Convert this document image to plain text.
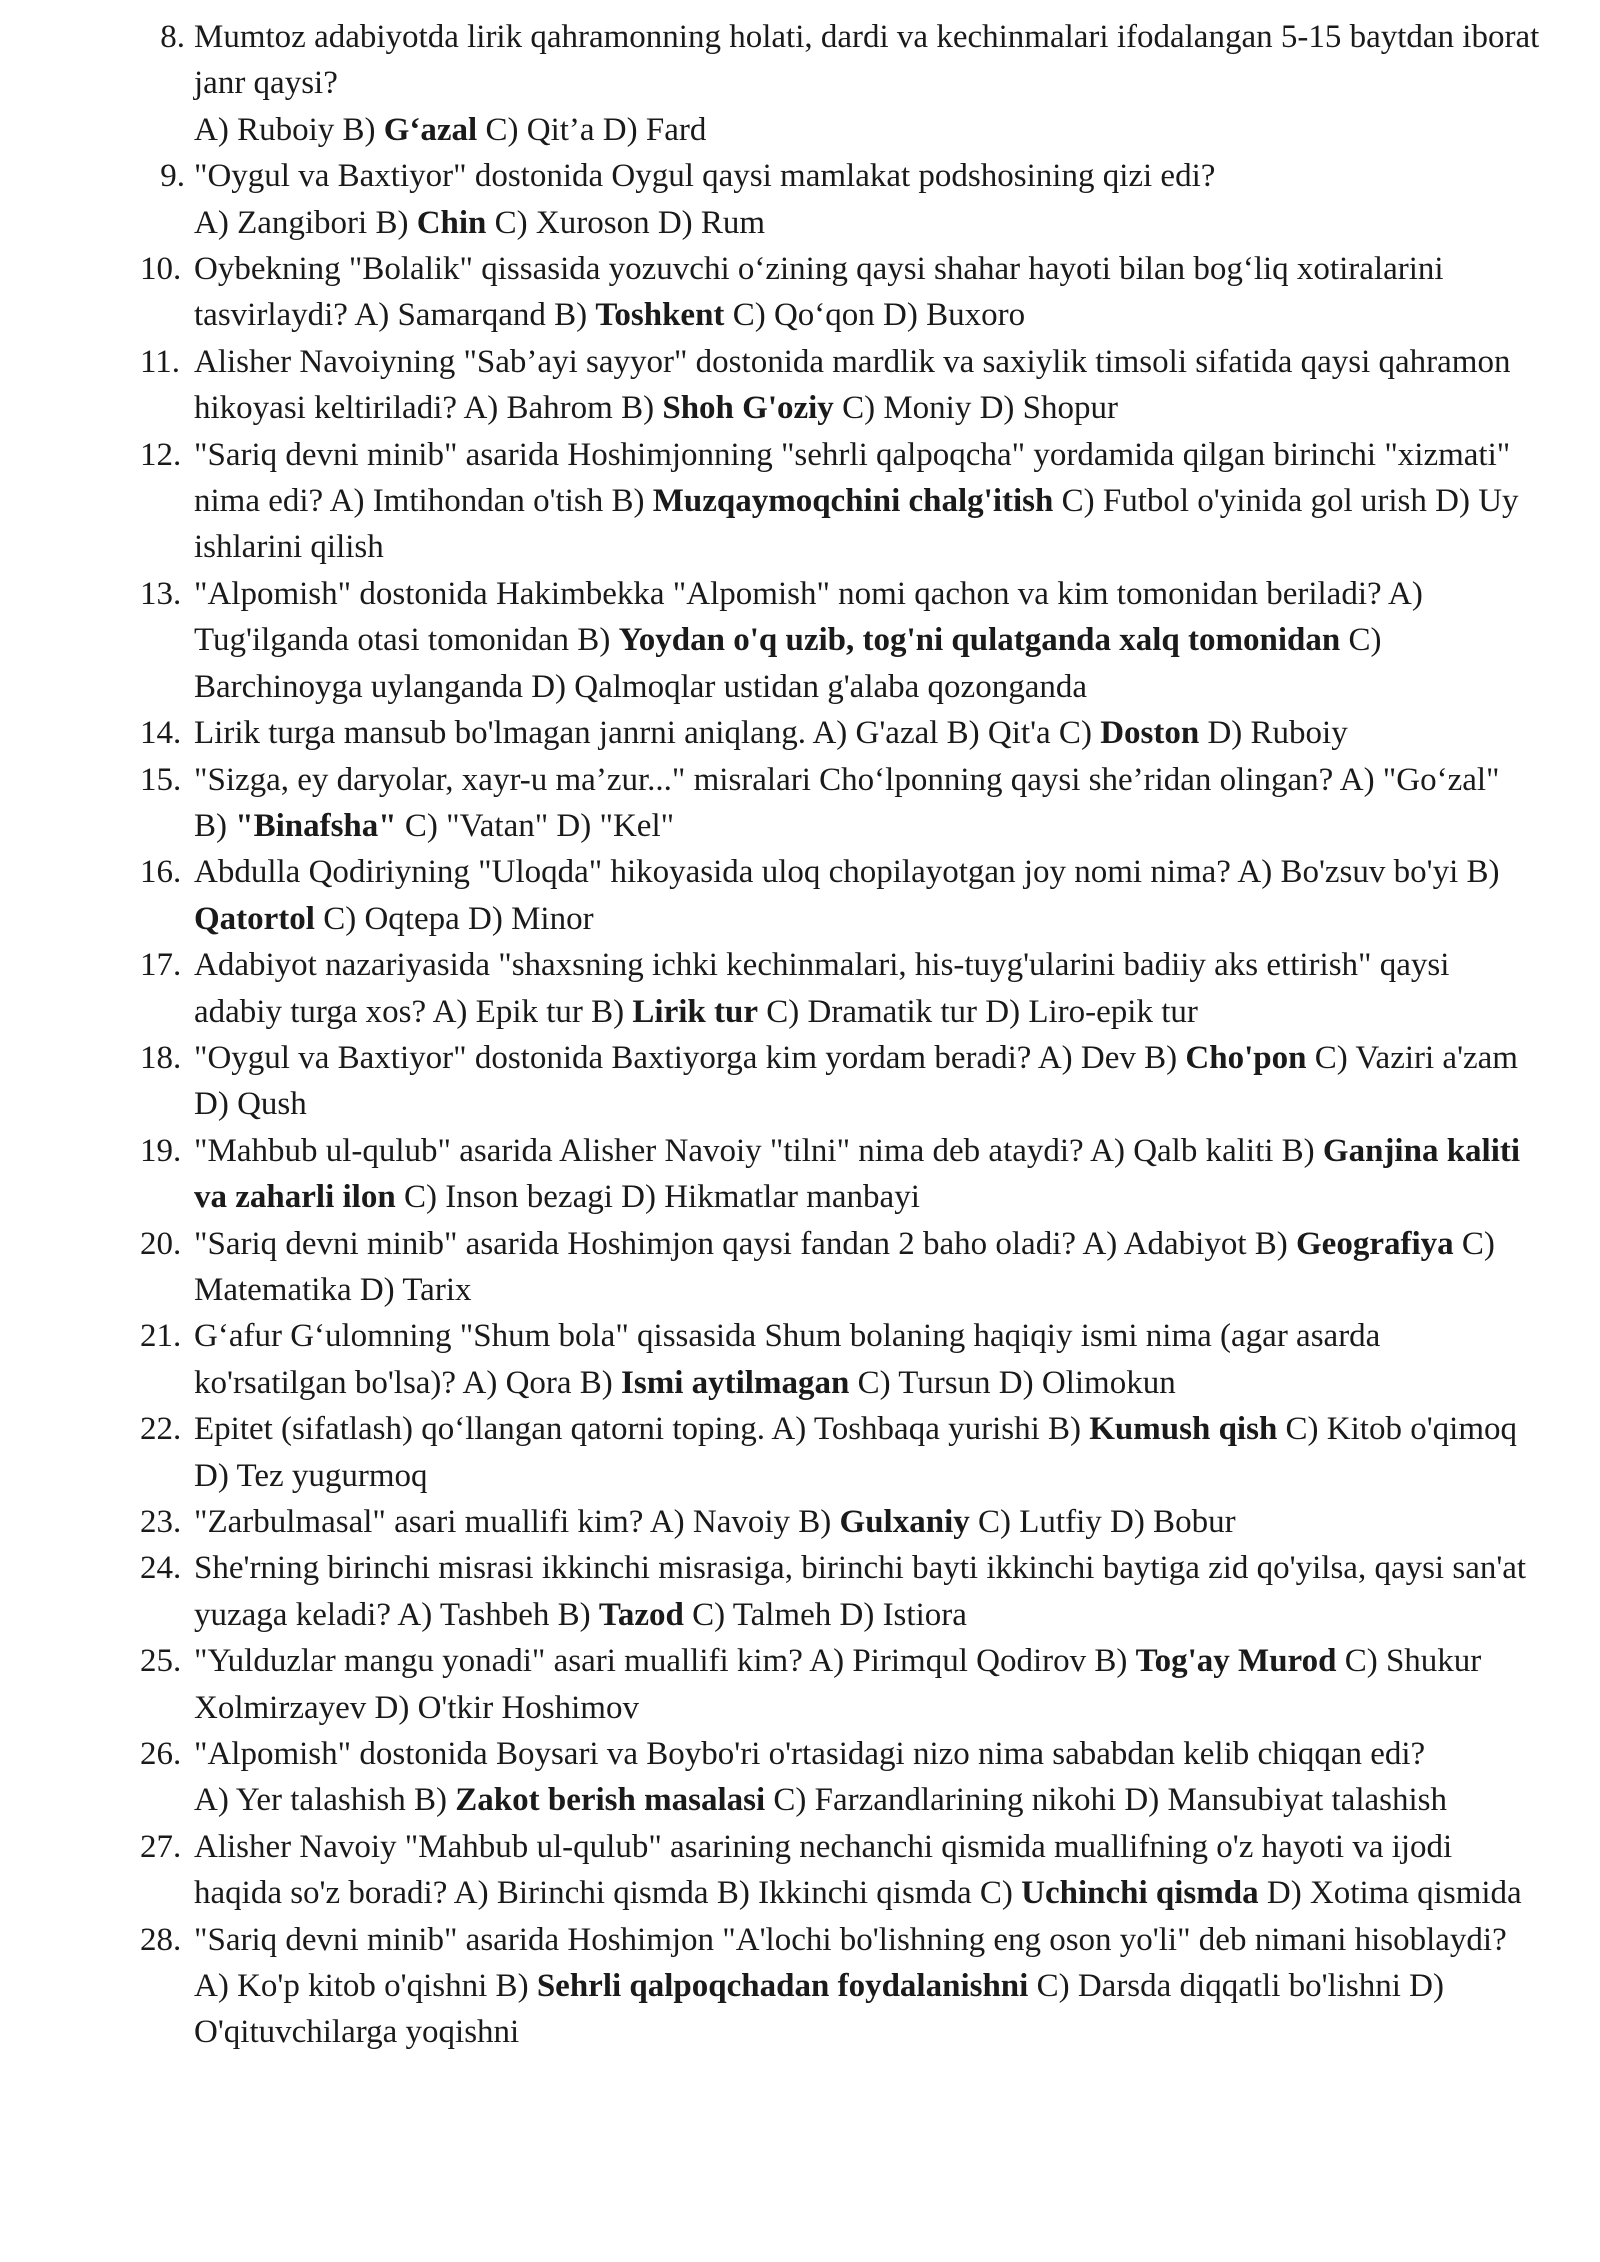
8. Mumtoz adabiyotda lirik qahramonning holati, dardi va kechinmalari ifodalangan 5-15 baytdan iborat janr qaysi?
A) Ruboiy B) G‘azal C) Qit’a D) Fard
9. "Oygul va Baxtiyor" dostonida Oygul qaysi mamlakat podshosining qizi edi?
A) Zangibori B) Chin C) Xuroson D) Rum
10. Oybekning "Bolalik" qissasida yozuvchi o‘zining qaysi shahar hayoti bilan bog‘liq xotiralarini tasvirlaydi? A) Samarqand B) Toshkent C) Qo‘qon D) Buxoro
11. Alisher Navoiyning "Sab’ayi sayyor" dostonida mardlik va saxiylik timsoli sifatida qaysi qahramon hikoyasi keltiriladi? A) Bahrom B) Shoh G'oziy C) Moniy D) Shopur
12. "Sariq devni minib" asarida Hoshimjonning "sehrli qalpoqcha" yordamida qilgan birinchi "xizmati" nima edi? A) Imtihondan o'tish B) Muzqaymoqchini chalg'itish C) Futbol o'yinida gol urish D) Uy ishlarini qilish
13. "Alpomish" dostonida Hakimbekka "Alpomish" nomi qachon va kim tomonidan beriladi? A) Tug'ilganda otasi tomonidan B) Yoydan o'q uzib, tog'ni qulatganda xalq tomonidan C) Barchinoyga uylanganda D) Qalmoqlar ustidan g'alaba qozonganda
14. Lirik turga mansub bo'lmagan janrni aniqlang. A) G'azal B) Qit'a C) Doston D) Ruboiy
15. "Sizga, ey daryolar, xayr-u ma’zur..." misralari Cho‘lponning qaysi she’ridan olingan? A) "Go‘zal" B) "Binafsha" C) "Vatan" D) "Kel"
16. Abdulla Qodiriyning "Uloqda" hikoyasida uloq chopilayotgan joy nomi nima? A) Bo'zsuv bo'yi B) Qatortol C) Oqtepa D) Minor
17. Adabiyot nazariyasida "shaxsning ichki kechinmalari, his-tuyg'ularini badiiy aks ettirish" qaysi adabiy turga xos? A) Epik tur B) Lirik tur C) Dramatik tur D) Liro-epik tur
18. "Oygul va Baxtiyor" dostonida Baxtiyorga kim yordam beradi? A) Dev B) Cho'pon C) Vaziri a'zam D) Qush
19. "Mahbub ul-qulub" asarida Alisher Navoiy "tilni" nima deb ataydi? A) Qalb kaliti B) Ganjina kaliti va zaharli ilon C) Inson bezagi D) Hikmatlar manbayi
20. "Sariq devni minib" asarida Hoshimjon qaysi fandan 2 baho oladi? A) Adabiyot B) Geografiya C) Matematika D) Tarix
21. G‘afur G‘ulomning "Shum bola" qissasida Shum bolaning haqiqiy ismi nima (agar asarda ko'rsatilgan bo'lsa)? A) Qora B) Ismi aytilmagan C) Tursun D) Olimokun
22. Epitet (sifatlash) qo‘llangan qatorni toping. A) Toshbaqa yurishi B) Kumush qish C) Kitob o'qimoq D) Tez yugurmoq
23. "Zarbulmasal" asari muallifi kim? A) Navoiy B) Gulxaniy C) Lutfiy D) Bobur
24. She'rning birinchi misrasi ikkinchi misrasiga, birinchi bayti ikkinchi baytiga zid qo'yilsa, qaysi san'at yuzaga keladi? A) Tashbeh B) Tazod C) Talmeh D) Istiora
25. "Yulduzlar mangu yonadi" asari muallifi kim? A) Pirimqul Qodirov B) Tog'ay Murod C) Shukur Xolmirzayev D) O'tkir Hoshimov
26. "Alpomish" dostonida Boysari va Boybo'ri o'rtasidagi nizo nima sababdan kelib chiqqan edi?
A) Yer talashish B) Zakot berish masalasi C) Farzandlarining nikohi D) Mansubiyat talashish
27. Alisher Navoiy "Mahbub ul-qulub" asarining nechanchi qismida muallifning o'z hayoti va ijodi haqida so'z boradi? A) Birinchi qismda B) Ikkinchi qismda C) Uchinchi qismda D) Xotima qismida
28. "Sariq devni minib" asarida Hoshimjon "A'lochi bo'lishning eng oson yo'li" deb nimani hisoblaydi? A) Ko'p kitob o'qishni B) Sehrli qalpoqchadan foydalanishni C) Darsda diqqatli bo'lishni D) O'qituvchilarga yoqishni
